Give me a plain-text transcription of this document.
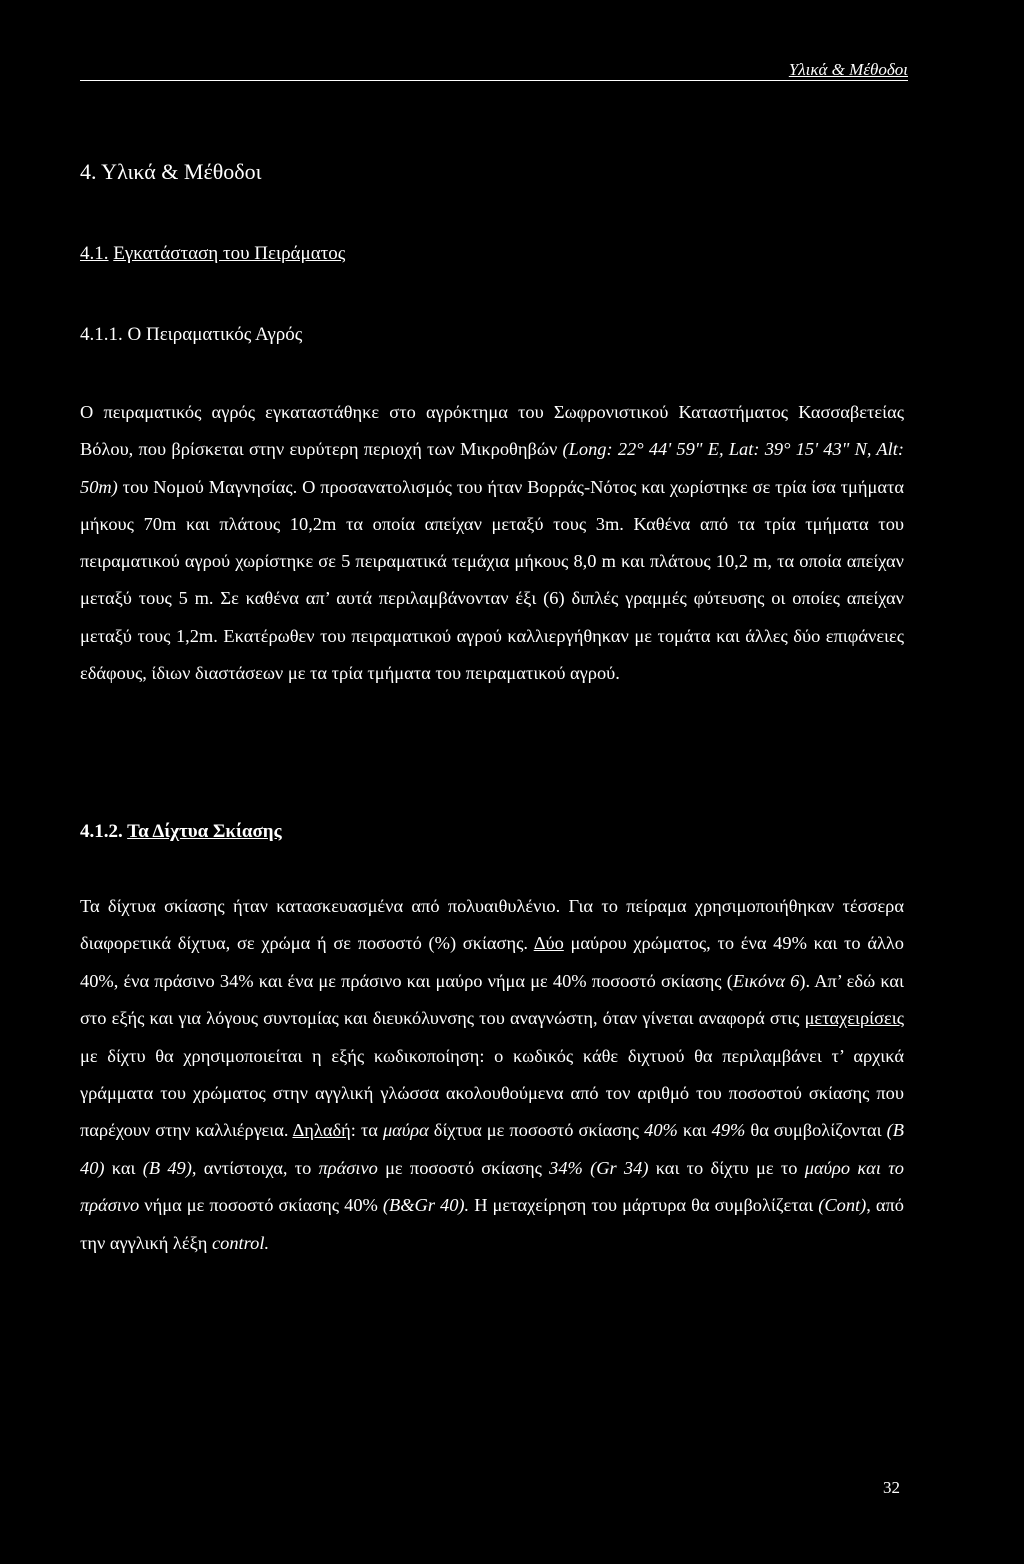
Υλικά & Μέθοδοι
4. Υλικά & Μέθοδοι
4.1. Εγκατάσταση του Πειράματος
4.1.1. Ο Πειραματικός Αγρός
Ο πειραματικός αγρός εγκαταστάθηκε στο αγρόκτημα του Σωφρονιστικού Καταστήματος Κασσαβετείας Βόλου, που βρίσκεται στην ευρύτερη περιοχή των Μικροθηβών (Long: 22° 44' 59" E, Lat: 39° 15' 43" N, Alt: 50m) του Νομού Μαγνησίας. Ο προσανατολισμός του ήταν Βορράς-Νότος και χωρίστηκε σε τρία ίσα τμήματα μήκους 70m και πλάτους 10,2m τα οποία απείχαν μεταξύ τους 3m. Καθένα από τα τρία τμήματα του πειραματικού αγρού χωρίστηκε σε 5 πειραματικά τεμάχια μήκους 8,0 m και πλάτους 10,2 m, τα οποία απείχαν μεταξύ τους 5 m. Σε καθένα απ’ αυτά περιλαμβάνονταν έξι (6) διπλές γραμμές φύτευσης οι οποίες απείχαν μεταξύ τους 1,2m. Εκατέρωθεν του πειραματικού αγρού καλλιεργήθηκαν με τομάτα και άλλες δύο επιφάνειες εδάφους, ίδιων διαστάσεων με τα τρία τμήματα του πειραματικού αγρού.
4.1.2. Τα Δίχτυα Σκίασης
Τα δίχτυα σκίασης ήταν κατασκευασμένα από πολυαιθυλένιο. Για το πείραμα χρησιμοποιήθηκαν τέσσερα διαφορετικά δίχτυα, σε χρώμα ή σε ποσοστό (%) σκίασης. Δύο μαύρου χρώματος, το ένα 49% και το άλλο 40%, ένα πράσινο 34% και ένα με πράσινο και μαύρο νήμα με 40% ποσοστό σκίασης (Εικόνα 6). Απ’ εδώ και στο εξής και για λόγους συντομίας και διευκόλυνσης του αναγνώστη, όταν γίνεται αναφορά στις μεταχειρίσεις με δίχτυ θα χρησιμοποιείται η εξής κωδικοποίηση: ο κωδικός κάθε διχτυού θα περιλαμβάνει τ’ αρχικά γράμματα του χρώματος στην αγγλική γλώσσα ακολουθούμενα από τον αριθμό του ποσοστού σκίασης που παρέχουν στην καλλιέργεια. Δηλαδή: τα μαύρα δίχτυα με ποσοστό σκίασης 40% και 49% θα συμβολίζονται (Β 40) και (Β 49), αντίστοιχα, το πράσινο με ποσοστό σκίασης 34% (Gr 34) και το δίχτυ με το μαύρο και το πράσινο νήμα με ποσοστό σκίασης 40% (B&Gr 40). Η μεταχείρηση του μάρτυρα θα συμβολίζεται (Cont), από την αγγλική λέξη control.
32
